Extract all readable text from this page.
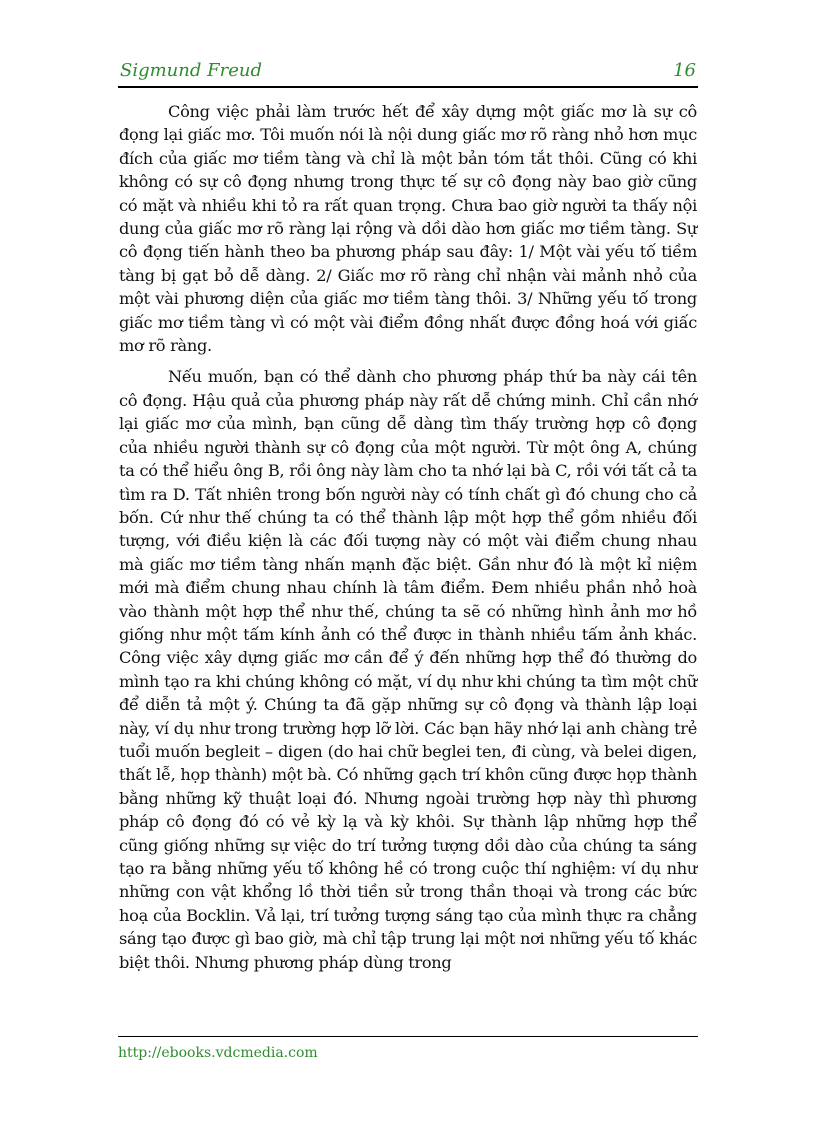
Sigmund Freud	16

Công việc phải làm trước hết để xây dựng một giấc mơ là sự cô đọng lại giấc mơ. Tôi muốn nói là nội dung giấc mơ rõ ràng nhỏ hơn mục đích của giấc mơ tiềm tàng và chỉ là một bản tóm tắt thôi. Cũng có khi không có sự cô đọng nhưng trong thực tế sự cô đọng này bao giờ cũng có mặt và nhiều khi tỏ ra rất quan trọng. Chưa bao giờ người ta thấy nội dung của giấc mơ rõ ràng lại rộng và dồi dào hơn giấc mơ tiềm tàng. Sự cô đọng tiến hành theo ba phương pháp sau đây: 1/ Một vài yếu tố tiềm tàng bị gạt bỏ dễ dàng. 2/ Giấc mơ rõ ràng chỉ nhận vài mảnh nhỏ của một vài phương diện của giấc mơ tiềm tàng thôi. 3/ Những yếu tố trong giấc mơ tiềm tàng vì có một vài điểm đồng nhất được đồng hoá với giấc mơ rõ ràng.

Nếu muốn, bạn có thể dành cho phương pháp thứ ba này cái tên cô đọng. Hậu quả của phương pháp này rất dễ chứng minh. Chỉ cần nhớ lại giấc mơ của mình, bạn cũng dễ dàng tìm thấy trường hợp cô đọng của nhiều người thành sự cô đọng của một người. Từ một ông A, chúng ta có thể hiểu ông B, rồi ông này làm cho ta nhớ lại bà C, rồi với tất cả ta tìm ra D. Tất nhiên trong bốn người này có tính chất gì đó chung cho cả bốn. Cứ như thế chúng ta có thể thành lập một hợp thể gồm nhiều đối tượng, với điều kiện là các đối tượng này có một vài điểm chung nhau mà giấc mơ tiềm tàng nhấn mạnh đặc biệt. Gần như đó là một kỉ niệm mới mà điểm chung nhau chính là tâm điểm. Đem nhiều phần nhỏ hoà vào thành một hợp thể như thế, chúng ta sẽ có những hình ảnh mơ hồ giống như một tấm kính ảnh có thể được in thành nhiều tấm ảnh khác. Công việc xây dựng giấc mơ cần để ý đến những hợp thể đó thường do mình tạo ra khi chúng không có mặt, ví dụ như khi chúng ta tìm một chữ để diễn tả một ý. Chúng ta đã gặp những sự cô đọng và thành lập loại này, ví dụ như trong trường hợp lỡ lời. Các bạn hãy nhớ lại anh chàng trẻ tuổi muốn begleit – digen (do hai chữ beglei ten, đi cùng, và belei digen, thất lễ, họp thành) một bà. Có những gạch trí khôn cũng được họp thành bằng những kỹ thuật loại đó. Nhưng ngoài trường hợp này thì phương pháp cô đọng đó có vẻ kỳ lạ và kỳ khôi. Sự thành lập những hợp thể cũng giống những sự việc do trí tưởng tượng dồi dào của chúng ta sáng tạo ra bằng những yếu tố không hề có trong cuộc thí nghiệm: ví dụ như những con vật khổng lồ thời tiền sử trong thần thoại và trong các bức hoạ của Bocklin. Vả lại, trí tưởng tượng sáng tạo của mình thực ra chẳng sáng tạo được gì bao giờ, mà chỉ tập trung lại một nơi những yếu tố khác biệt thôi. Nhưng phương pháp dùng trong

http://ebooks.vdcmedia.com
